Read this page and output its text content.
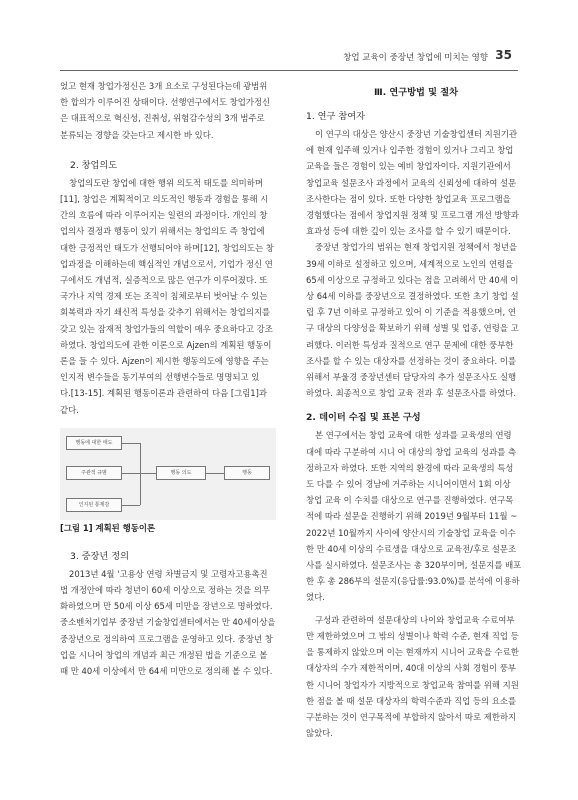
창업 교육이 중장년 창업에 미치는 영향 35

었고 현재 창업가정신은 3개 요소로 구성된다는데 광범위

한 합의가 이루어진 상태이다. 선행연구에서도 창업가정신

은 대표적으로 혁신성, 진취성, 위험감수성의 3개 범주로

분류되는 경향을 갖는다고 제시한 바 있다.

2. 창업의도

창업의도란 창업에 대한 행위 의도적 태도를 의미하며

[11], 창업은 계획적이고 의도적인 행동과 경험을 통해 시

간의 흐름에 따라 이루어지는 일련의 과정이다. 개인의 창

업의사 결정과 행동이 있기 위해서는 창업의도 즉 창업에

대한 긍정적인 태도가 선행되어야 하며[12], 창업의도는 창

업과정을 이해하는데 핵심적인 개념으로서, 기업가 정신 연

구에서도 개념적, 실증적으로 많은 연구가 이루어졌다. 또

국가나 지역 경제 또는 조직이 침체로부터 벗어날 수 있는

회복력과 자기 쇄신적 특성을 갖추기 위해서는 창업의지를

갖고 있는 잠재적 창업가들의 역할이 매우 중요하다고 강조

하였다. 창업의도에 관한 이론으로 Ajzen의 계획된 행동이

론을 들 수 있다. Ajzen이 제시한 행동의도에 영향을 주는

인지적 변수들을 동기부여의 선행변수들로 명명되고 있

다.[13-15]. 계획된 행동이론과 관련하여 다음 [그림1]과

같다.

행동에 대한 태도
주관적 규범
인지된 통제감
행동 의도	행동
[그림 1] 계획된 행동이론
3. 중장년 정의

2013년 4월 '고용상 연령 차별금지 및 고령자고용촉진

법 개정안에 따라 청년이 60세 이상으로 정하는 것을 의무

화하였으며 만 50세 이상 65세 미만을 장년으로 명하였다.

중소벤처기업부 중장년 기술창업센터에서는 만 40세이상을

중장년으로 정의하여 프로그램을 운영하고 있다. 중장년 창

업을 시니어 창업의 개념과 최근 개정된 법을 기준으로 볼

때 만 40세 이상에서 만 64세 미만으로 정의해 볼 수 있다.

Ⅲ. 연구방법 및 절차
1. 연구 참여자

이 연구의 대상은 양산시 중장년 기술창업센터 지원기관

에 현재 입주해 있거나 입주한 경험이 있거나 그리고 창업

교육을 들은 경험이 있는 예비 창업자이다. 지원기관에서

창업교육 설문조사 과정에서 교육의 신뢰성에 대하여 설문

조사한다는 점이 있다. 또한 다양한 창업교육 프로그램을

경험했다는 점에서 창업지원 정책 및 프로그램 개선 방향과

효과성 등에 대한 깊이 있는 조사를 할 수 있기 때문이다.

중장년 창업가의 범위는 현재 창업지원 정책에서 청년을

39세 이하로 설정하고 있으며, 세계적으로 노인의 연령을

65세 이상으로 규정하고 있다는 점을 고려해서 만 40세 이

상 64세 이하를 중장년으로 결정하였다. 또한 초기 창업 설

립 후 7년 이하로 규정하고 있어 이 기준을 적용했으며, 연

구 대상의 다양성을 확보하기 위해 성별 및 업종, 연령을 고

려했다. 이러한 특성과 질적으로 연구 문제에 대한 풍부한

조사를 할 수 있는 대상자를 선정하는 것이 중요하다. 이를

위해서 부울경 중장년센터 담당자의 추가 설문조사도 실행

하였다. 최종적으로 창업 교육 전과 후 설문조사를 하였다.

2. 데이터 수집 및 표본 구성

본 연구에서는 창업 교육에 대한 성과를 교육생의 연령

대에 따라 구분하여 시니 어 대상의 창업 교육의 성과를 측

정하고자 하였다. 또한 지역의 환경에 따라 교육생의 특성

도 다를 수 있어 경남에 거주하는 시니어이면서 1회 이상

창업 교육 이 수치를 대상으로 연구를 진행하였다. 연구목

적에 따라 설문을 진행하기 위해 2019년 9월부터 11월 ~

2022년 10월까지 사이에 양산시의 기술창업 교육을 이수

한 만 40세 이상의 수료생을 대상으로 교육전/후로 설문조

사를 실시하였다. 설문조사는 총 320부이며, 설문지를 배포

한 후 총 286부의 설문지(응답률:93.0%)를 분석에 이용하

였다.

구성과 관련하여 설문대상의 나이와 창업교육 수료여부

만 제한하였으며 그 밖의 성별이나 학력 수준, 현재 직업 등

을 통제하지 않았으며 이는 현재까지 시니어 교육을 수료한

대상자의 수가 제한적이며, 40대 이상의 사회 경험이 풍부

한 시니어 창업자가 지방적으로 창업교육 참여를 위해 지원

한 점을 볼 때 설문 대상자의 학력수준과 직업 등의 요소를

구분하는 것이 연구목적에 부합하지 않아서 따로 제한하지

않았다.
